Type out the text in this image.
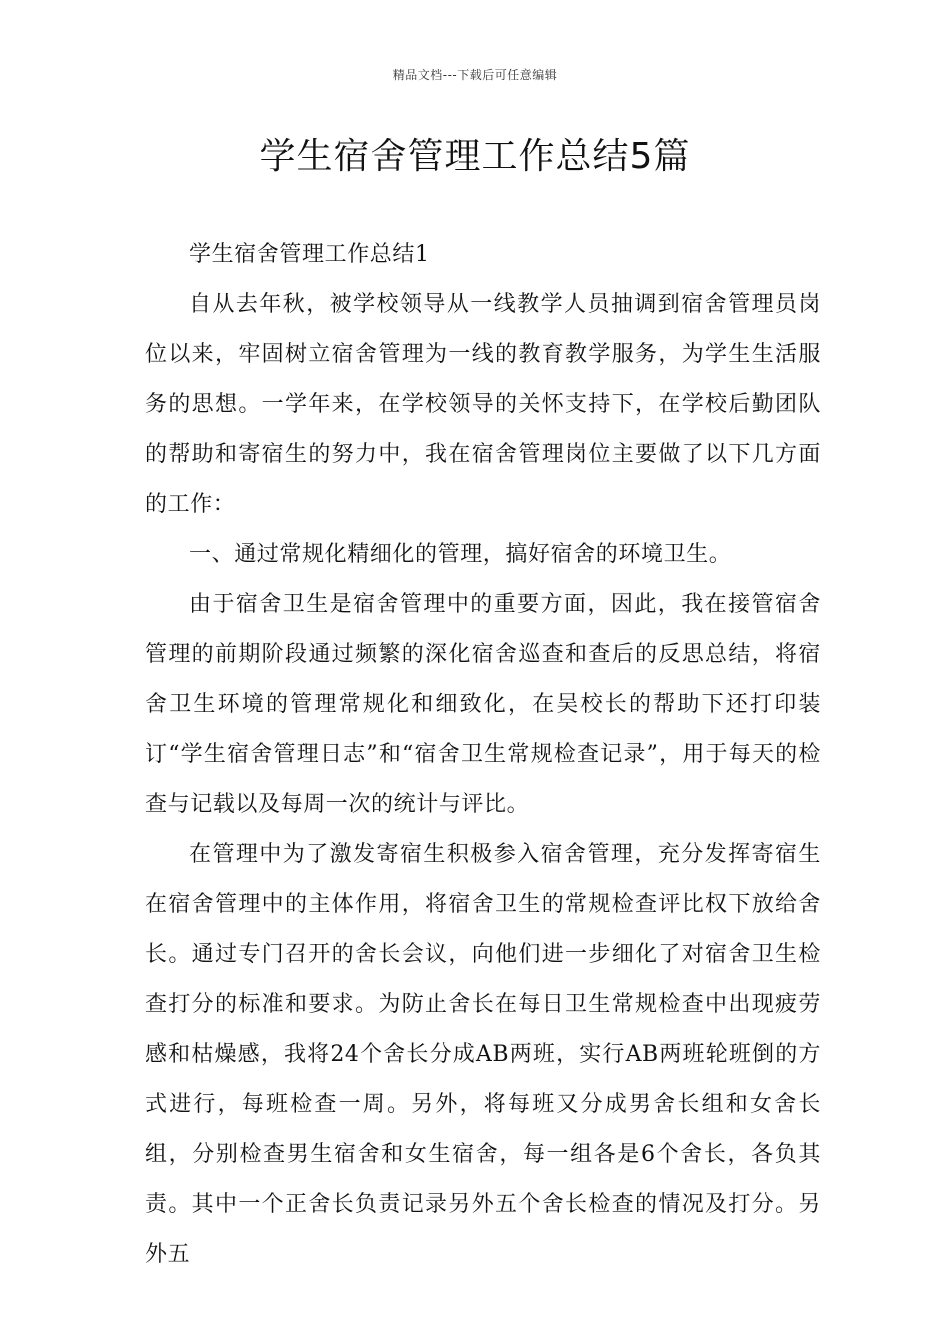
精品文档---下载后可任意编辑
学生宿舍管理工作总结5篇

学生宿舍管理工作总结1

自从去年秋，被学校领导从一线教学人员抽调到宿舍管理员岗位以来，牢固树立宿舍管理为一线的教育教学服务，为学生生活服务的思想。一学年来，在学校领导的关怀支持下，在学校后勤团队的帮助和寄宿生的努力中，我在宿舍管理岗位主要做了以下几方面的工作：

一、通过常规化精细化的管理，搞好宿舍的环境卫生。

由于宿舍卫生是宿舍管理中的重要方面，因此，我在接管宿舍管理的前期阶段通过频繁的深化宿舍巡查和查后的反思总结，将宿舍卫生环境的管理常规化和细致化，在吴校长的帮助下还打印装订“学生宿舍管理日志”和“宿舍卫生常规检查记录”，用于每天的检查与记载以及每周一次的统计与评比。

在管理中为了激发寄宿生积极参入宿舍管理，充分发挥寄宿生在宿舍管理中的主体作用，将宿舍卫生的常规检查评比权下放给舍长。通过专门召开的舍长会议，向他们进一步细化了对宿舍卫生检查打分的标准和要求。为防止舍长在每日卫生常规检查中出现疲劳感和枯燥感，我将24个舍长分成AB两班，实行AB两班轮班倒的方式进行，每班检查一周。另外，将每班又分成男舍长组和女舍长组，分别检查男生宿舍和女生宿舍，每一组各是6个舍长，各负其责。其中一个正舍长负责记录另外五个舍长检查的情况及打分。另外五
